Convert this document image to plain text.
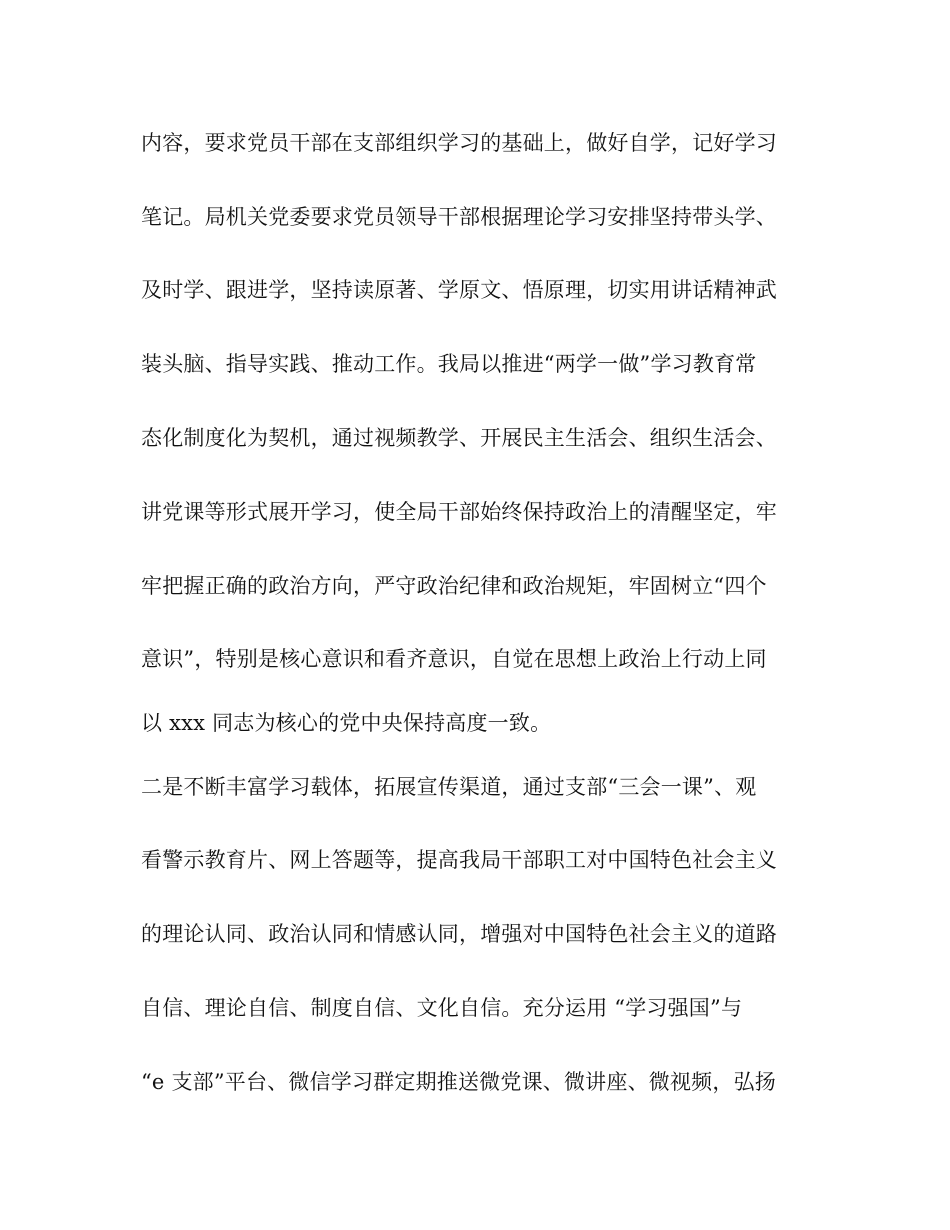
内容，要求党员干部在支部组织学习的基础上，做好自学，记好学习
笔记。局机关党委要求党员领导干部根据理论学习安排坚持带头学、
及时学、跟进学，坚持读原著、学原文、悟原理，切实用讲话精神武
装头脑、指导实践、推动工作。我局以推进“两学一做”学习教育常
态化制度化为契机，通过视频教学、开展民主生活会、组织生活会、
讲党课等形式展开学习，使全局干部始终保持政治上的清醒坚定，牢
牢把握正确的政治方向，严守政治纪律和政治规矩，牢固树立“四个
意识”，特别是核心意识和看齐意识，自觉在思想上政治上行动上同
以 xxx 同志为核心的党中央保持高度一致。
二是不断丰富学习载体，拓展宣传渠道，通过支部“三会一课”、观
看警示教育片、网上答题等，提高我局干部职工对中国特色社会主义
的理论认同、政治认同和情感认同，增强对中国特色社会主义的道路
自信、理论自信、制度自信、文化自信。充分运用 “学习强国”与
“e 支部”平台、微信学习群定期推送微党课、微讲座、微视频，弘扬
